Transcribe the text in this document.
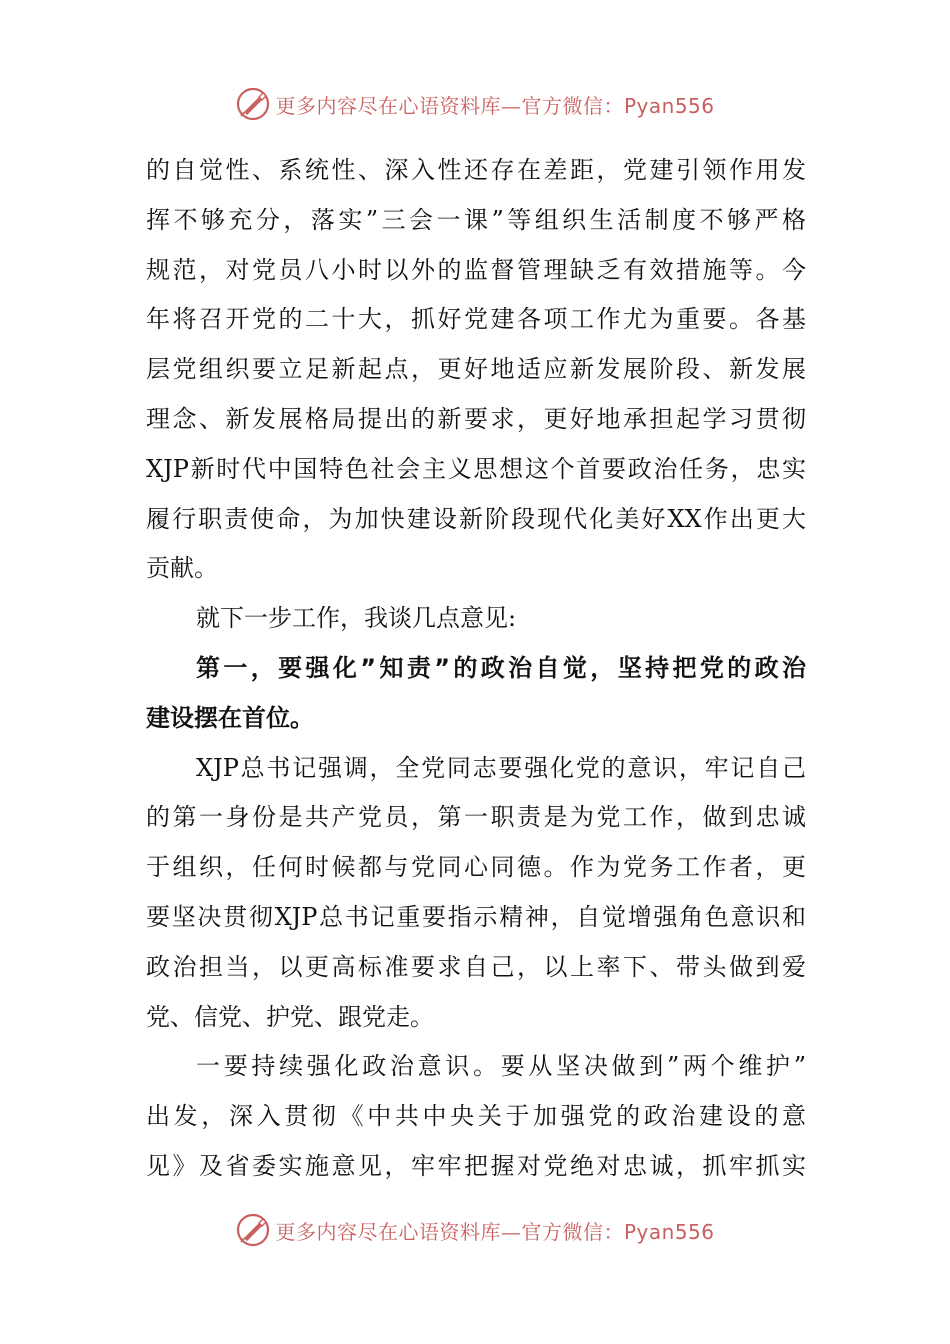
更多内容尽在心语资料库—官方微信：Pyan556
的自觉性、系统性、深入性还存在差距，党建引领作用发
挥不够充分，落实”三会一课”等组织生活制度不够严格
规范，对党员八小时以外的监督管理缺乏有效措施等。今
年将召开党的二十大，抓好党建各项工作尤为重要。各基
层党组织要立足新起点，更好地适应新发展阶段、新发展
理念、新发展格局提出的新要求，更好地承担起学习贯彻
XJP新时代中国特色社会主义思想这个首要政治任务，忠实
履行职责使命，为加快建设新阶段现代化美好XX作出更大
贡献。
就下一步工作，我谈几点意见:
第一，要强化”知责”的政治自觉，坚持把党的政治
建设摆在首位。
XJP总书记强调，全党同志要强化党的意识，牢记自己
的第一身份是共产党员，第一职责是为党工作，做到忠诚
于组织，任何时候都与党同心同德。作为党务工作者，更
要坚决贯彻XJP总书记重要指示精神，自觉增强角色意识和
政治担当，以更高标准要求自己，以上率下、带头做到爱
党、信党、护党、跟党走。
一要持续强化政治意识。要从坚决做到”两个维护”
出发，深入贯彻《中共中央关于加强党的政治建设的意
见》及省委实施意见，牢牢把握对党绝对忠诚，抓牢抓实
更多内容尽在心语资料库—官方微信：Pyan556
